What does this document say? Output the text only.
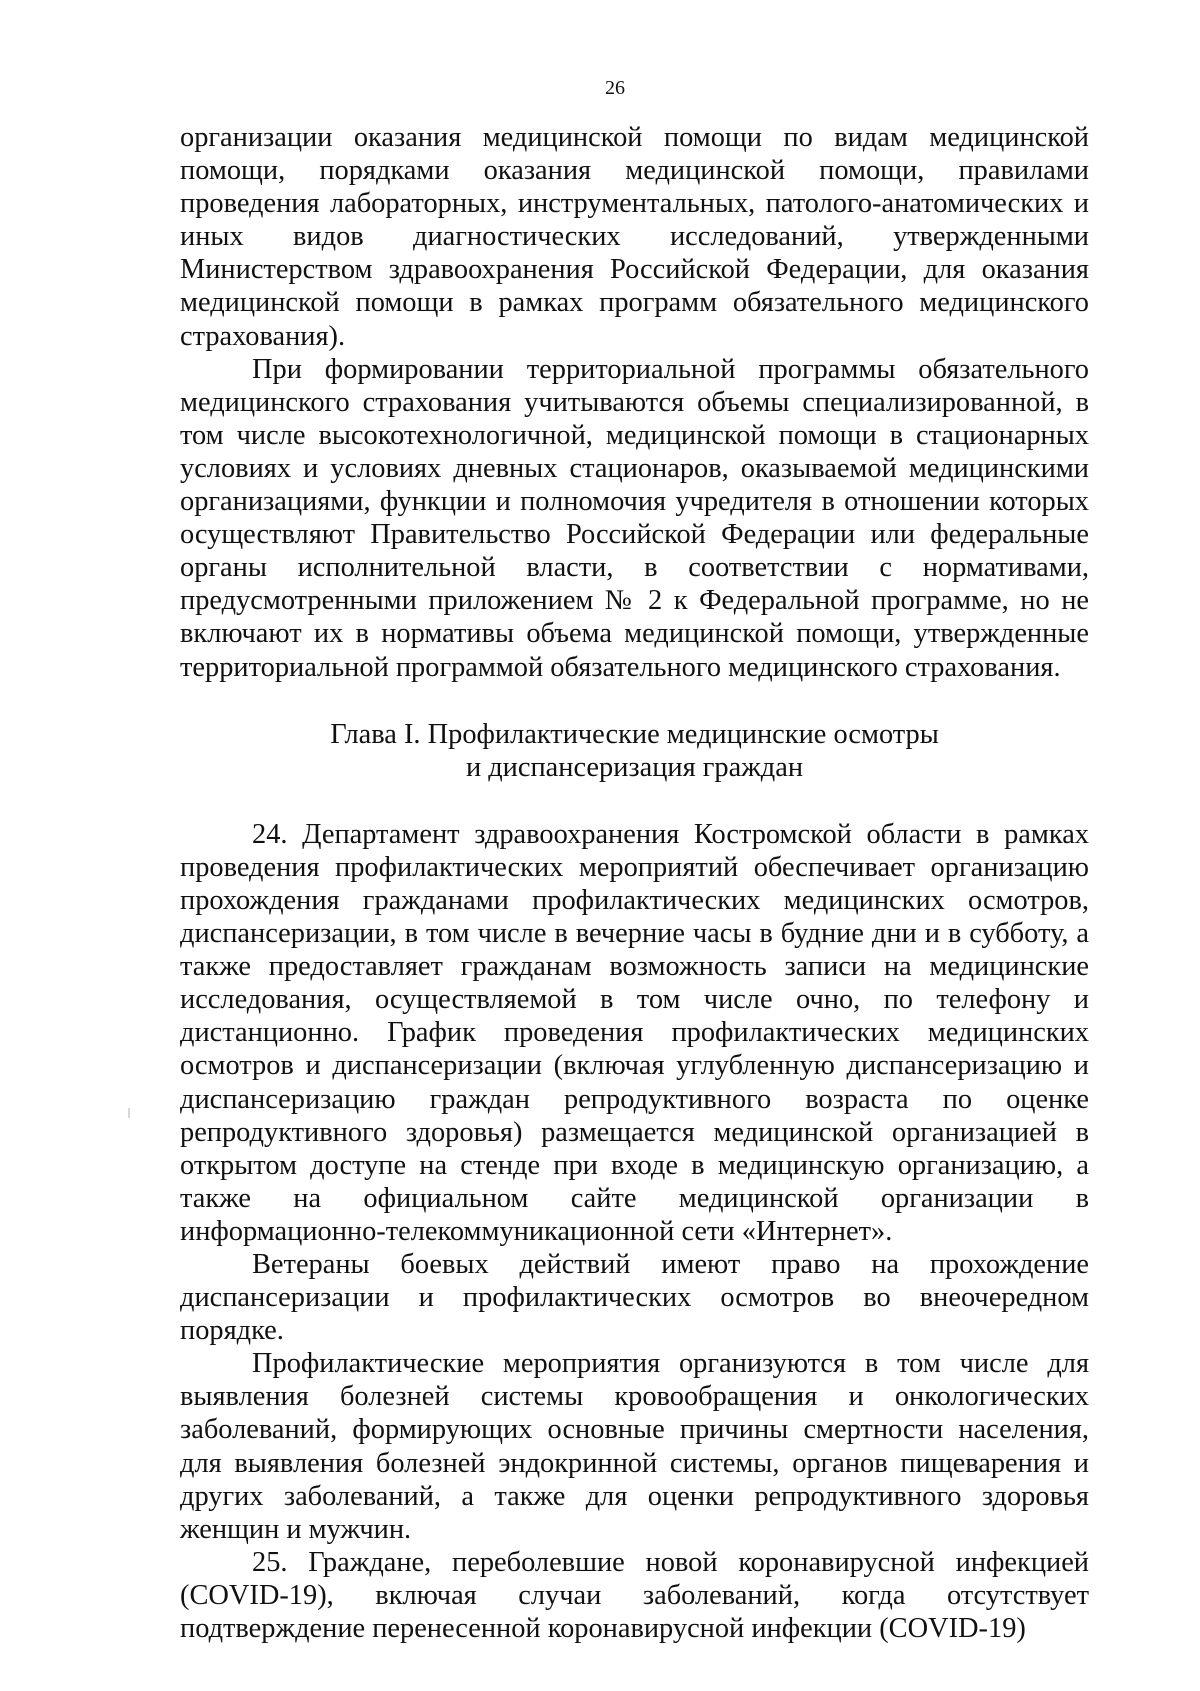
26

организации оказания медицинской помощи по видам медицинской помощи, порядками оказания медицинской помощи, правилами проведения лабораторных, инструментальных, патолого-анатомических и иных видов диагностических исследований, утвержденными Министерством здравоохранения Российской Федерации, для оказания медицинской помощи в рамках программ обязательного медицинского страхования).

При формировании территориальной программы обязательного медицинского страхования учитываются объемы специализированной, в том числе высокотехнологичной, медицинской помощи в стационарных условиях и условиях дневных стационаров, оказываемой медицинскими организациями, функции и полномочия учредителя в отношении которых осуществляют Правительство Российской Федерации или федеральные органы исполнительной власти, в соответствии с нормативами, предусмотренными приложением № 2 к Федеральной программе, но не включают их в нормативы объема медицинской помощи, утвержденные территориальной программой обязательного медицинского страхования.

Глава I. Профилактические медицинские осмотры
и диспансеризация граждан

24. Департамент здравоохранения Костромской области в рамках проведения профилактических мероприятий обеспечивает организацию прохождения гражданами профилактических медицинских осмотров, диспансеризации, в том числе в вечерние часы в будние дни и в субботу, а также предоставляет гражданам возможность записи на медицинские исследования, осуществляемой в том числе очно, по телефону и дистанционно. График проведения профилактических медицинских осмотров и диспансеризации (включая углубленную диспансеризацию и диспансеризацию граждан репродуктивного возраста по оценке репродуктивного здоровья) размещается медицинской организацией в открытом доступе на стенде при входе в медицинскую организацию, а также на официальном сайте медицинской организации в информационно-телекоммуникационной сети «Интернет».

Ветераны боевых действий имеют право на прохождение диспансеризации и профилактических осмотров во внеочередном порядке.

Профилактические мероприятия организуются в том числе для выявления болезней системы кровообращения и онкологических заболеваний, формирующих основные причины смертности населения, для выявления болезней эндокринной системы, органов пищеварения и других заболеваний, а также для оценки репродуктивного здоровья женщин и мужчин.

25. Граждане, переболевшие новой коронавирусной инфекцией (COVID-19), включая случаи заболеваний, когда отсутствует подтверждение перенесенной коронавирусной инфекции (COVID-19)
